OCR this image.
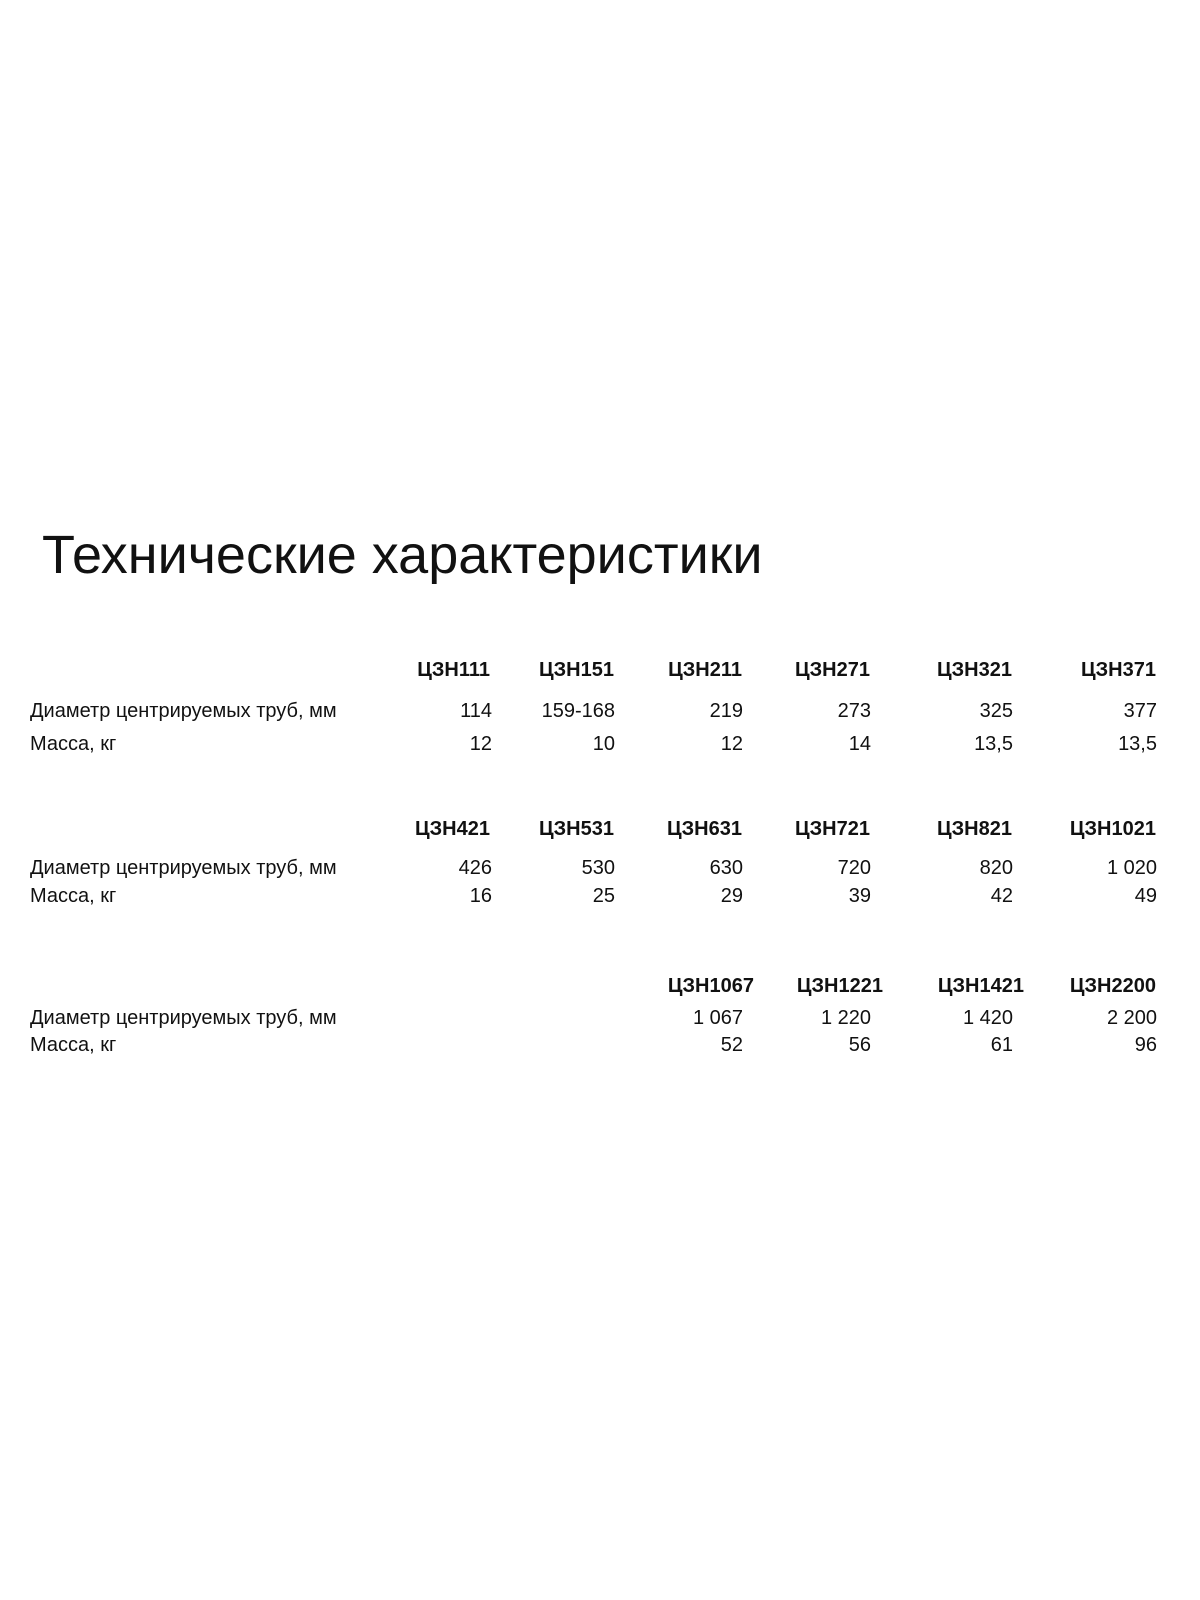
Технические характеристики
ЦЗН111 ЦЗН151	ЦЗН211	ЦЗН271	ЦЗН321	ЦЗН371
Диаметр центрируемых труб, мм	114 159-168	219	273	325	377
Масса, кг	12	10	12	14	13,5	13,5
ЦЗН421 ЦЗН531	ЦЗН631	ЦЗН721	ЦЗН821	ЦЗН1021
Диаметр центрируемых труб, мм	426	530	630	720	820	1 020
Масса, кг	16	25	29	39	42	49
ЦЗН1067 ЦЗН1221	ЦЗН1421 ЦЗН2200
Диаметр центрируемых труб, мм	1 067	1 220	1 420	2 200
Масса, кг	52	56	61	96
